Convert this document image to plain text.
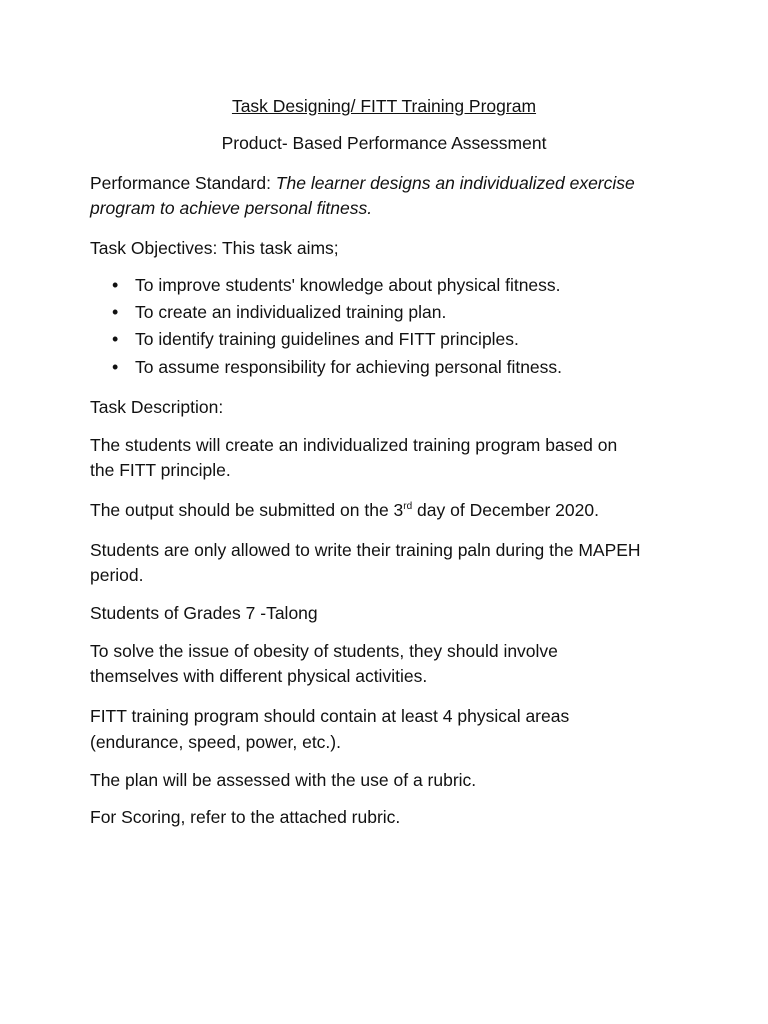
Task Designing/ FITT Training Program
Product- Based Performance Assessment
Performance Standard: The learner designs an individualized exercise
program to achieve personal fitness.
Task Objectives: This task aims;
• To improve students' knowledge about physical fitness.
• To create an individualized training plan.
• To identify training guidelines and FITT principles.
• To assume responsibility for achieving personal fitness.
Task Description:
The students will create an individualized training program based on
the FITT principle.
The output should be submitted on the 3rd day of December 2020.
Students are only allowed to write their training paln during the MAPEH
period.
Students of Grades 7 -Talong
To solve the issue of obesity of students, they should involve
themselves with different physical activities.
FITT training program should contain at least 4 physical areas
(endurance, speed, power, etc.).
The plan will be assessed with the use of a rubric.
For Scoring, refer to the attached rubric.
